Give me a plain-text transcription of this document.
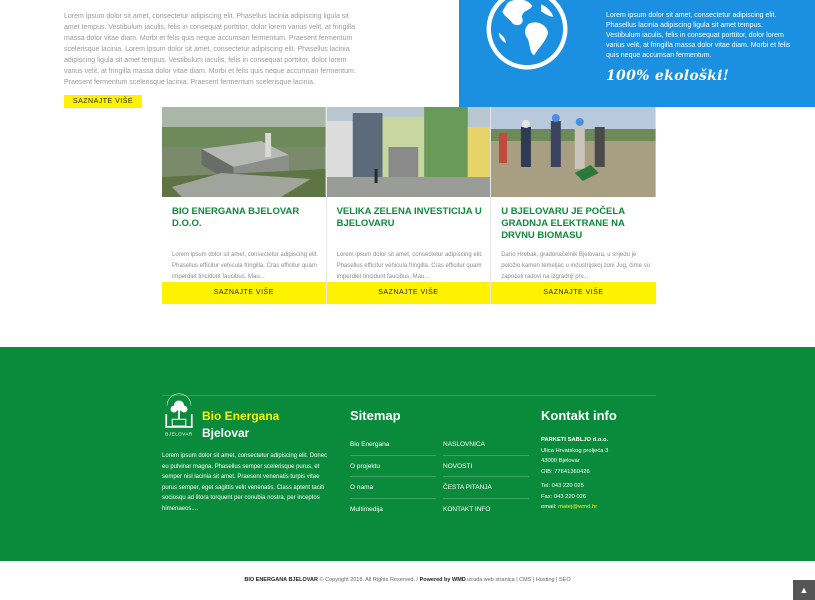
Lorem ipsum dolor sit amet, consectetur adipiscing elit. Phasellus lacinia adipiscing ligula sit amet tempus. Vestibulum iaculis, felis in consequat porttitor, dolor lorem varius velit, at fringilla massa dolor vitae diam. Morbi et felis quis neque accumsan fermentum. Praesent fermentum scelerisque lacinia. Lorem ipsum dolor sit amet, consectetur adipiscing elit. Phasellus lacinia adipiscing ligula sit amet tempus. Vestibulum iaculis, felis in consequat porttitor, dolor lorem varius velit, at fringilla massa dolor vitae diam. Morbi et felis quis neque accumsan fermentum. Praesent fermentum scelerisque lacinia. Praesent fermentum scelerisque lacinia.

SAZNAJTE VIŠE

Lorem ipsum dolor sit amet, consectetur adipiscing elit. Phasellus lacinia adipiscing ligula sit amet tempus. Vestibulum iaculis, felis in consequat porttitor, dolor lorem varius velit, at fringilla massa dolor vitae diam. Morbi et felis quis neque accumsan fermentum.

100% ekološki!
BIO ENERGANA BJELOVAR D.O.O.

Lorem ipsum dolor sit amet, consectetur adipiscing elit. Phasellus efficitur vehicula fringilla. Cras efficitur quam imperdiet tincidunt faucibus. Mau...

SAZNAJTE VIŠE
VELIKA ZELENA INVESTICIJA U BJELOVARU

Lorem ipsum dolor sit amet, consectetur adipiscing elit. Phasellus efficitur vehicula fringilla. Cras efficitur quam imperdiet tincidunt faucibus. Mau...

SAZNAJTE VIŠE
U BJELOVARU JE POČELA GRADNJA ELEKTRANE NA DRVNU BIOMASU

Dario Hrebak, gradonačelnik Bjelovara, u srijedu je položio kamen temeljac u industrijskoj zoni Jug, čime su započeli radovi na izgradnji prv...

SAZNAJTE VIŠE
BJELOVAR
Bio Energana
Bjelovar

Lorem ipsum dolor sit amet, consectetur adipiscing elit. Donec eu pulvinar magna. Phasellus semper scelerisque purus, et semper nisl lacinia sit amet. Praesent venenatis turpis vitae purus semper, eget sagittis velit venenatis. Class aptent taciti sociosqu ad litora torquent per conubia nostra, per inceptos himenaeos....

Sitemap
Bio Energana
O projektu
O nama
Multimedija
NASLOVNICA
NOVOSTI
ČESTA PITANJA
KONTAKT INFO
Kontakt info
PARKETI SABLJO d.o.o.
Ulica Hrvatskog proljeća 3
43000 Bjelovar
OIB: 77641360426
Tel: 043 220 025
Fax: 043 220 026
email: matej@wmd.hr
BIO ENERGANA BJELOVAR © Copyright 2018. All Rights Reserved. / Powered by WMD izrada web stranica | CMS | Hosting | SEO
▲
